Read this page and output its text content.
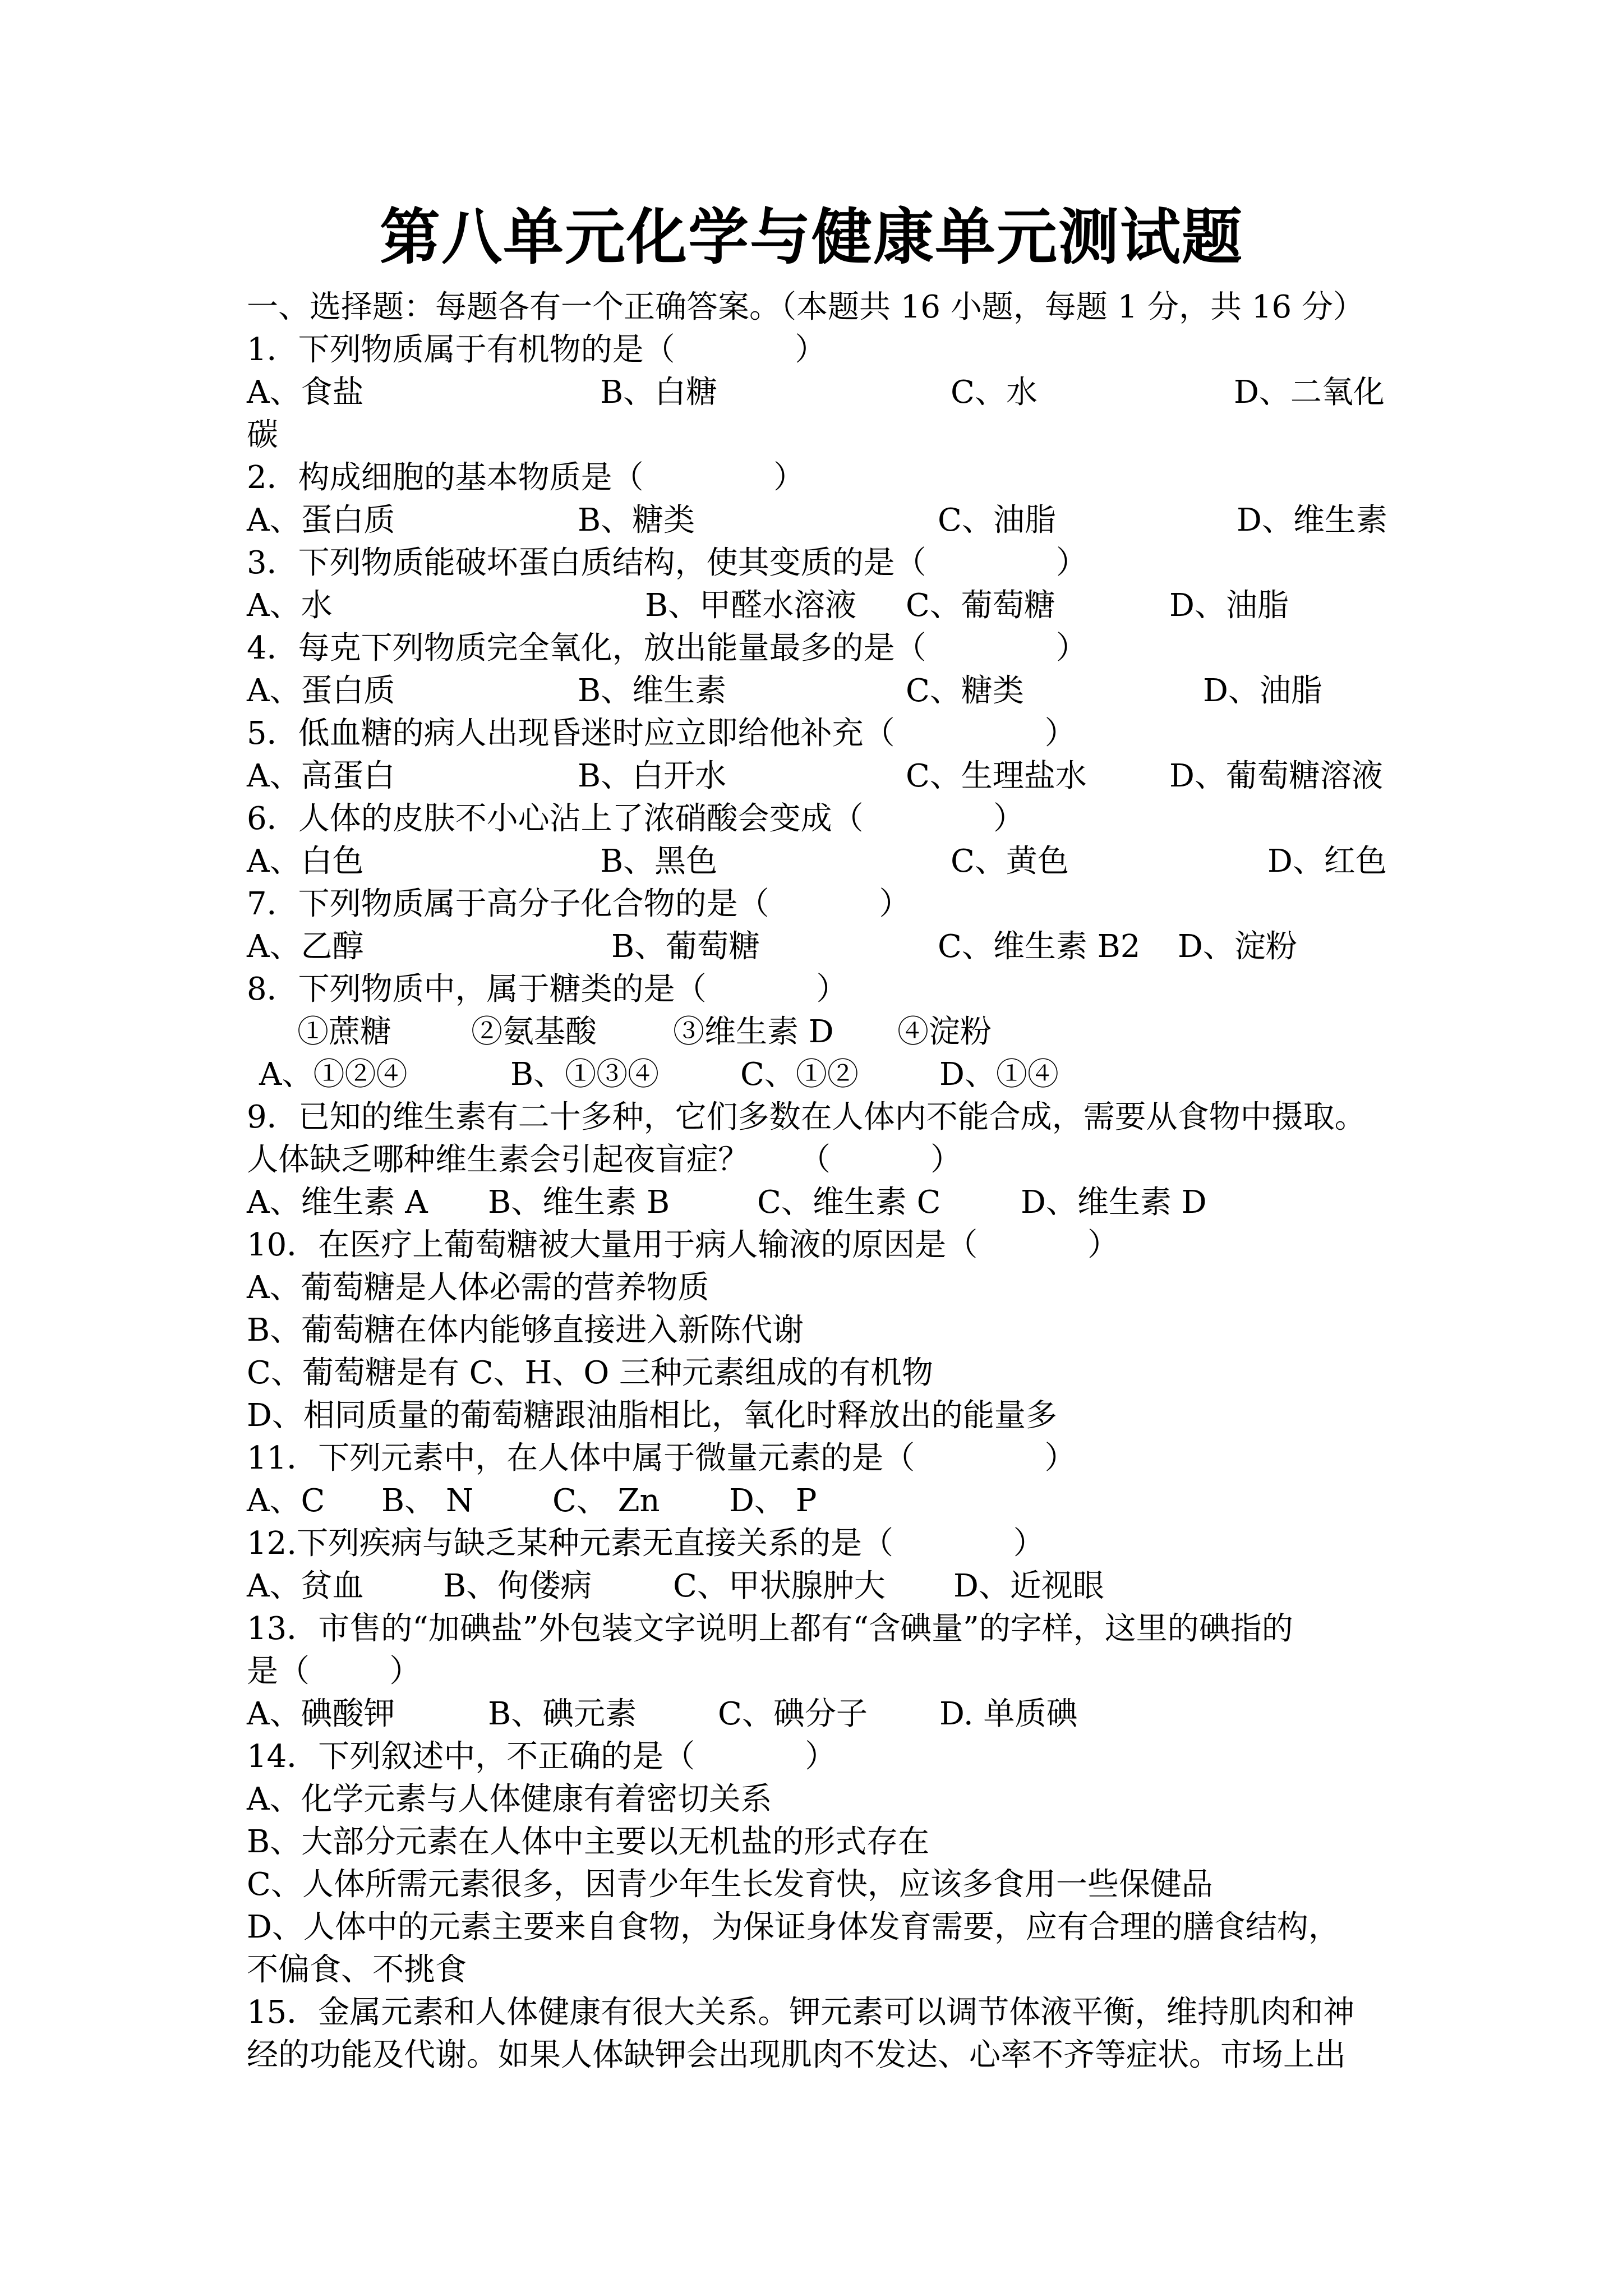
第八单元化学与健康单元测试题
一、选择题：每题各有一个正确答案。（本题共 16 小题，每题 1 分，共 16 分）
1．下列物质属于有机物的是（            ）
A、食盐	B、白糖	C、水	D、二氧化
碳
2．构成细胞的基本物质是（             ）
A、蛋白质	B、糖类	C、油脂	D、维生素
3．下列物质能破坏蛋白质结构，使其变质的是（             ）
A、水	B、甲醛水溶液 C、葡萄糖	D、油脂
4．每克下列物质完全氧化，放出能量最多的是（             ）
A、蛋白质	B、维生素	C、糖类	D、油脂
5．低血糖的病人出现昏迷时应立即给他补充（               ）
A、高蛋白	B、白开水	C、生理盐水	D、葡萄糖溶液
6．人体的皮肤不小心沾上了浓硝酸会变成（             ）
A、白色	B、黑色	C、黄色	D、红色
7．下列物质属于高分子化合物的是（           ）
A、乙醇	B、葡萄糖	C、维生素 B2 D、淀粉
8．下列物质中，属于糖类的是（           ）
①蔗糖	②氨基酸 ③维生素 D ④淀粉
A、①②④	B、①③④	C、①②	D、①④
9．已知的维生素有二十多种，它们多数在人体内不能合成，需要从食物中摄取。
人体缺乏哪种维生素会引起夜盲症？     （          ）
A、维生素 A B、维生素 B	C、维生素 C	D、维生素 D
10．在医疗上葡萄糖被大量用于病人输液的原因是（           ）
A、葡萄糖是人体必需的营养物质
B、葡萄糖在体内能够直接进入新陈代谢
C、葡萄糖是有 C、H、O 三种元素组成的有机物
D、相同质量的葡萄糖跟油脂相比，氧化时释放出的能量多
11．下列元素中，在人体中属于微量元素的是（             ）
A、C B、 N	C、 Zn D、 P
12.下列疾病与缺乏某种元素无直接关系的是（            ）
A、贫血	B、佝偻病	C、甲状腺肿大 D、近视眼
13．市售的“加碘盐”外包装文字说明上都有“含碘量”的字样，这里的碘指的
是（        ）
A、碘酸钾	B、碘元素	C、碘分子 D. 单质碘
14．下列叙述中，不正确的是（           ）
A、化学元素与人体健康有着密切关系
B、大部分元素在人体中主要以无机盐的形式存在
C、人体所需元素很多，因青少年生长发育快，应该多食用一些保健品
D、人体中的元素主要来自食物，为保证身体发育需要，应有合理的膳食结构，
不偏食、不挑食
15．金属元素和人体健康有很大关系。钾元素可以调节体液平衡，维持肌肉和神
经的功能及代谢。如果人体缺钾会出现肌肉不发达、心率不齐等症状。市场上出
